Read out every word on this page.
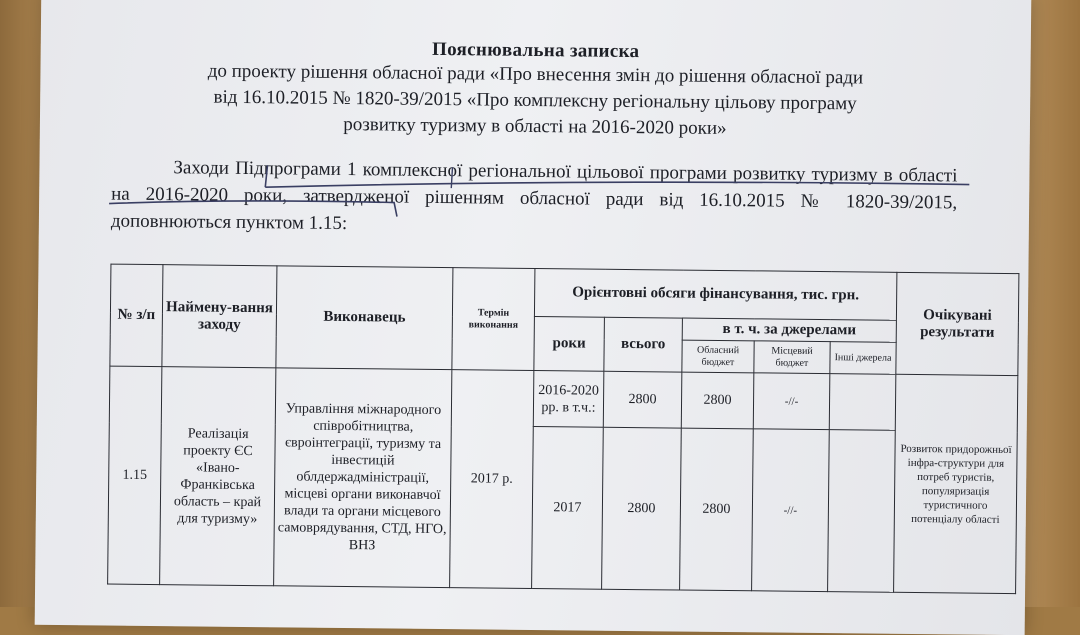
Пояснювальна записка
до проекту рішення обласної ради «Про внесення змін до рішення обласної ради
від 16.10.2015 № 1820-39/2015 «Про комплексну регіональну цільову програму
розвитку туризму в області на 2016-2020 роки»
Заходи Підпрограми 1 комплексної регіональної цільової програми розвитку туризму в області на 2016-2020 роки, затвердженої рішенням обласної ради від 16.10.2015 № 1820-39/2015, доповнюються пунктом 1.15:
№ з/п	Наймену-вання заходу	Виконавець	Термін виконання	Орієнтовні обсяги фінансування, тис. грн.					Очікувані результати
				роки	всього	в т. ч. за джерелами			
						Обласний бюджет	Місцевий бюджет	Інші джерела	
1.15	Реалізація проекту ЄС «Івано-Франківська область – край для туризму»	Управління міжнародного співробітництва, євроінтеграції, туризму та інвестицій облдержадміністрації, місцеві органи виконавчої влади та органи місцевого самоврядування, СТД, НГО, ВНЗ	2017 р.	2016-2020 рр. в т.ч.:	2800	2800	-//-		Розвиток придорожньої інфра-структури для потреб туристів, популяризація туристичного потенціалу області
				2017	2800	2800	-//-		
